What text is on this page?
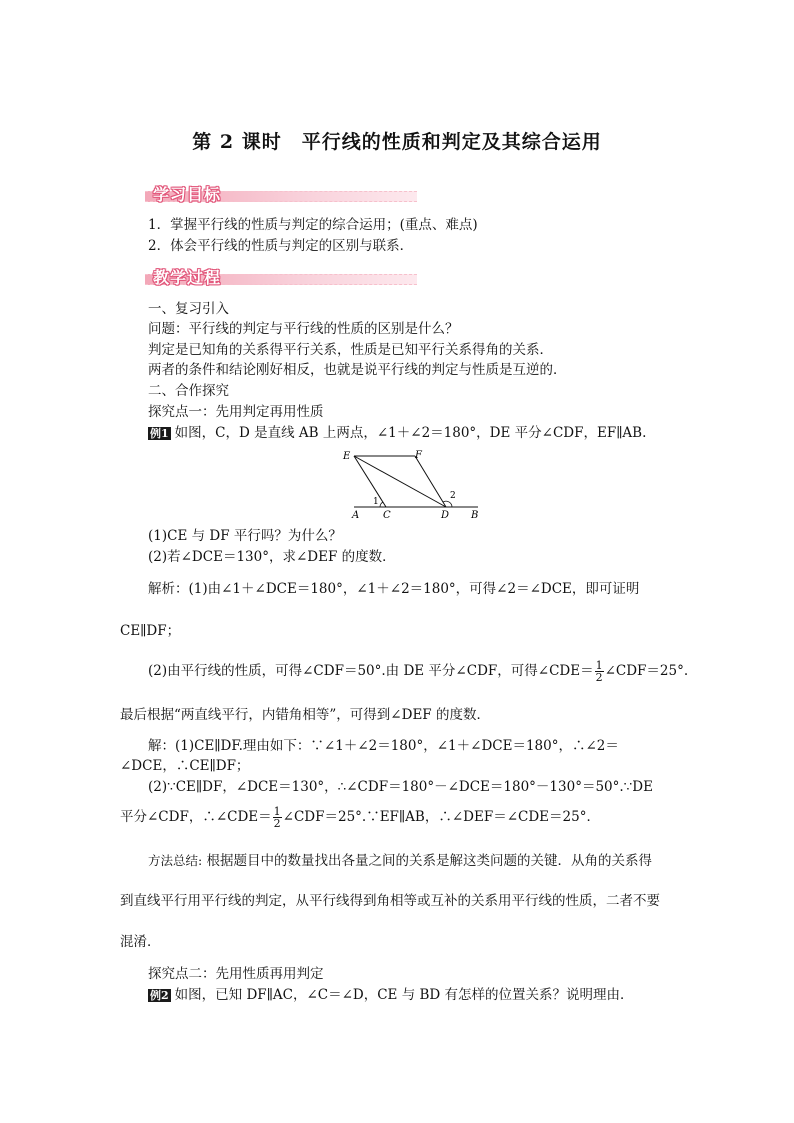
第 2 课时　平行线的性质和判定及其综合运用
学习目标
1．掌握平行线的性质与判定的综合运用；(重点、难点)
2．体会平行线的性质与判定的区别与联系．
教学过程
一、复习引入
问题：平行线的判定与平行线的性质的区别是什么？
判定是已知角的关系得平行关系，性质是已知平行关系得角的关系．
两者的条件和结论刚好相反，也就是说平行线的判定与性质是互逆的．
二、合作探究
探究点一：先用判定再用性质
例1 如图，C，D 是直线 AB 上两点，∠1＋∠2＝180°，DE 平分∠CDF，EF∥AB.
E	F
A C	D B
1
2
(1)CE 与 DF 平行吗？为什么？
(2)若∠DCE＝130°，求∠DEF 的度数．
解析：(1)由∠1＋∠DCE＝180°，∠1＋∠2＝180°，可得∠2＝∠DCE，即可证明
CE∥DF；
(2)由平行线的性质，可得∠CDF＝50°.由 DE 平分∠CDF，可得∠CDE＝ $\frac{1}{2}$ ∠CDF＝25°.
最后根据“两直线平行，内错角相等”，可得到∠DEF 的度数．
解：(1)CE∥DF.理由如下：∵∠1＋∠2＝180°，∠1＋∠DCE＝180°，∴∠2＝
∠DCE，∴CE∥DF；
(2)∵CE∥DF，∠DCE＝130°，∴∠CDF＝180°－∠DCE＝180°－130°＝50°.∵DE
平分∠CDF，∴∠CDE＝ $\frac{1}{2}$ ∠CDF＝25°.∵EF∥AB，∴∠DEF＝∠CDE＝25°．
方法总结: 根据题目中的数量找出各量之间的关系是解这类问题的关键．从角的关系得
到直线平行用平行线的判定，从平行线得到角相等或互补的关系用平行线的性质，二者不要
混淆．
探究点二：先用性质再用判定
例2 如图，已知 DF∥AC，∠C＝∠D，CE 与 BD 有怎样的位置关系？说明理由．
